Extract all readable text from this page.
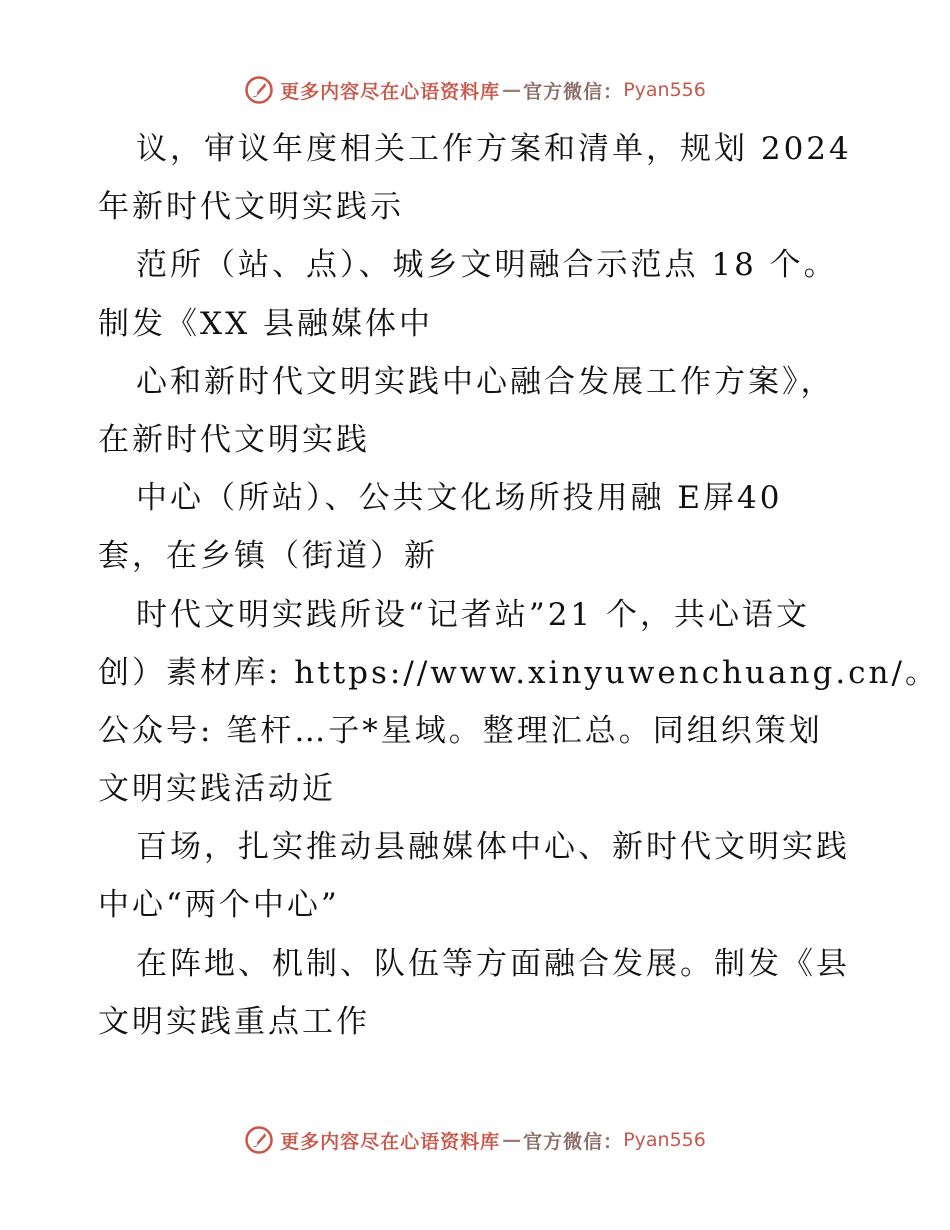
更多内容尽在心语资料库 — 官方微信： Pyan556
议，审议年度相关工作方案和清单，规划 2024
年新时代文明实践示
范所（站、点）、城乡文明融合示范点 18 个。
制发《XX 县融媒体中
心和新时代文明实践中心融合发展工作方案》，
在新时代文明实践
中心（所站）、公共文化场所投用融 E屏40
套，在乡镇（街道）新
时代文明实践所设“记者站”21 个，共心语文
创）素材库: https://www.xinyuwenchuang.cn/。
公众号: 笔杆…子*星域。整理汇总。同组织策划
文明实践活动近
百场，扎实推动县融媒体中心、新时代文明实践
中心“两个中心”
在阵地、机制、队伍等方面融合发展。制发《县
文明实践重点工作
更多内容尽在心语资料库 — 官方微信： Pyan556
